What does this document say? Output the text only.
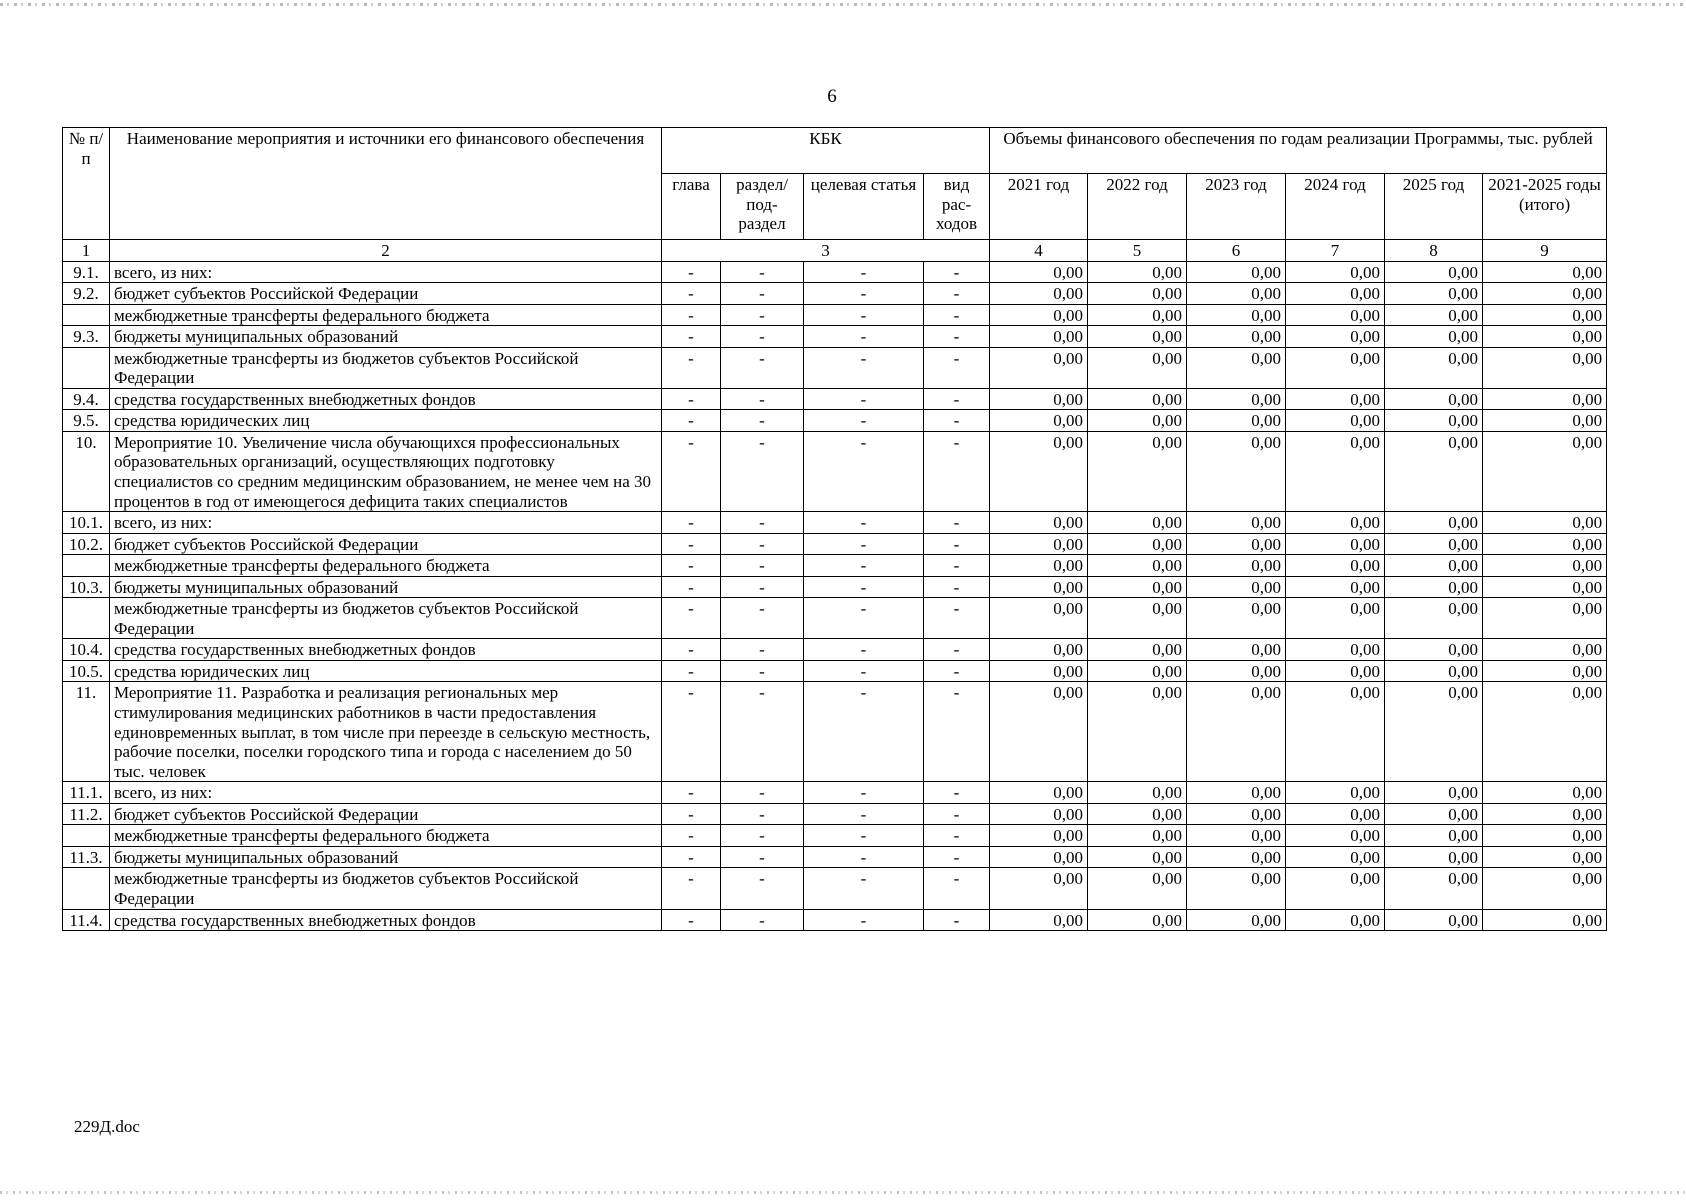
6
№ п/п	Наименование мероприятия и источники его финансового обеспечения	КБК				Объемы финансового обеспечения по годам реализации Программы, тыс. рублей					
		глава	раздел/ под- раздел	целевая статья	вид рас- ходов	2021 год	2022 год	2023 год	2024 год	2025 год	2021-2025 годы (итого)
1	2	3				4	5	6	7	8	9
9.1.	всего, из них:	-	-	-	-	0,00	0,00	0,00	0,00	0,00	0,00
9.2.	бюджет субъектов Российской Федерации	-	-	-	-	0,00	0,00	0,00	0,00	0,00	0,00
	межбюджетные трансферты федерального бюджета	-	-	-	-	0,00	0,00	0,00	0,00	0,00	0,00
9.3.	бюджеты муниципальных образований	-	-	-	-	0,00	0,00	0,00	0,00	0,00	0,00
	межбюджетные трансферты из бюджетов субъектов Российской Федерации	-	-	-	-	0,00	0,00	0,00	0,00	0,00	0,00
9.4.	средства государственных внебюджетных фондов	-	-	-	-	0,00	0,00	0,00	0,00	0,00	0,00
9.5.	средства юридических лиц	-	-	-	-	0,00	0,00	0,00	0,00	0,00	0,00
10.	Мероприятие 10. Увеличение числа обучающихся профессиональных образовательных организаций, осуществляющих подготовку специалистов со средним медицинским образованием, не менее чем на 30 процентов в год от имеющегося дефицита таких специалистов	-	-	-	-	0,00	0,00	0,00	0,00	0,00	0,00
10.1.	всего, из них:	-	-	-	-	0,00	0,00	0,00	0,00	0,00	0,00
10.2.	бюджет субъектов Российской Федерации	-	-	-	-	0,00	0,00	0,00	0,00	0,00	0,00
	межбюджетные трансферты федерального бюджета	-	-	-	-	0,00	0,00	0,00	0,00	0,00	0,00
10.3.	бюджеты муниципальных образований	-	-	-	-	0,00	0,00	0,00	0,00	0,00	0,00
	межбюджетные трансферты из бюджетов субъектов Российской Федерации	-	-	-	-	0,00	0,00	0,00	0,00	0,00	0,00
10.4.	средства государственных внебюджетных фондов	-	-	-	-	0,00	0,00	0,00	0,00	0,00	0,00
10.5.	средства юридических лиц	-	-	-	-	0,00	0,00	0,00	0,00	0,00	0,00
11.	Мероприятие 11. Разработка и реализация региональных мер стимулирования медицинских работников в части предоставления единовременных выплат, в том числе при переезде в сельскую местность, рабочие поселки, поселки городского типа и города с населением до 50 тыс. человек	-	-	-	-	0,00	0,00	0,00	0,00	0,00	0,00
11.1.	всего, из них:	-	-	-	-	0,00	0,00	0,00	0,00	0,00	0,00
11.2.	бюджет субъектов Российской Федерации	-	-	-	-	0,00	0,00	0,00	0,00	0,00	0,00
	межбюджетные трансферты федерального бюджета	-	-	-	-	0,00	0,00	0,00	0,00	0,00	0,00
11.3.	бюджеты муниципальных образований	-	-	-	-	0,00	0,00	0,00	0,00	0,00	0,00
	межбюджетные трансферты из бюджетов субъектов Российской Федерации	-	-	-	-	0,00	0,00	0,00	0,00	0,00	0,00
11.4.	средства государственных внебюджетных фондов	-	-	-	-	0,00	0,00	0,00	0,00	0,00	0,00
229Д.doc
